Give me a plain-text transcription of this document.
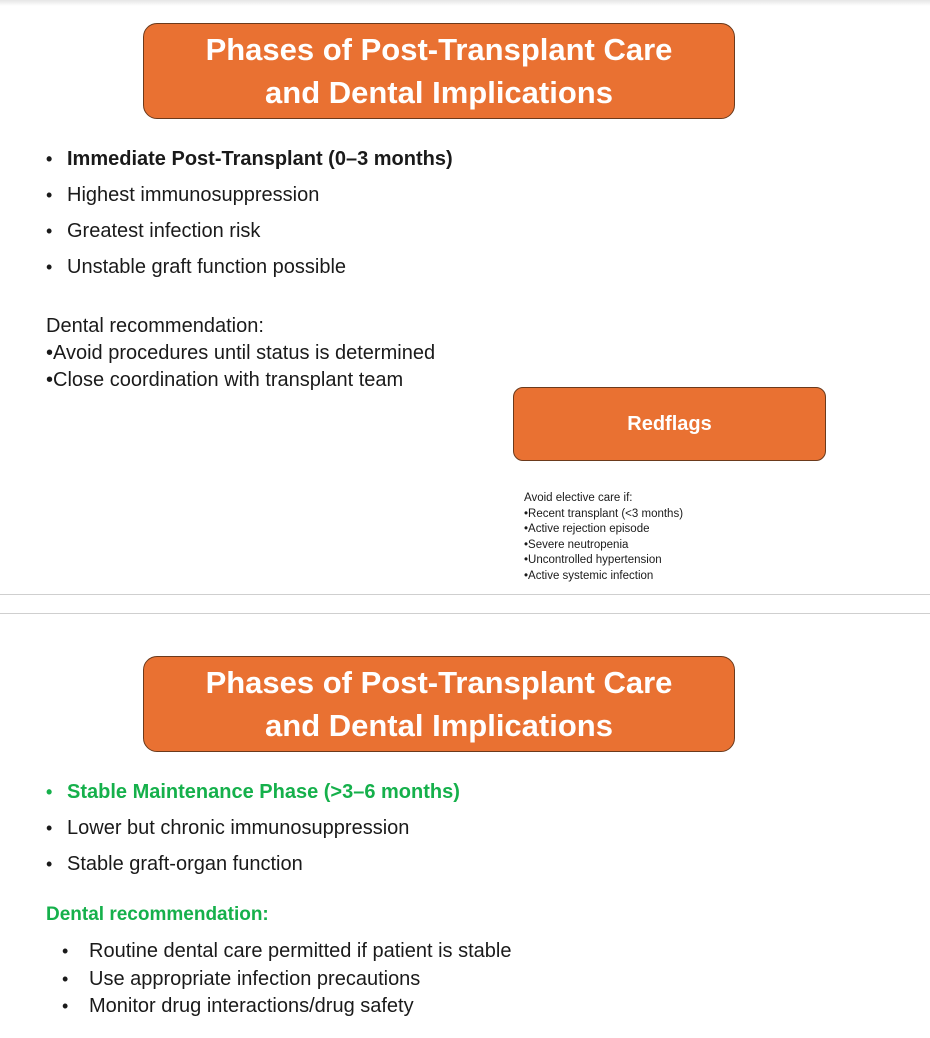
Phases of Post-Transplant Care
and Dental Implications
• Immediate Post-Transplant (0–3 months)
• Highest immunosuppression
• Greatest infection risk
• Unstable graft function possible
Dental recommendation:
•Avoid procedures until status is determined
•Close coordination with transplant team
Redflags
Avoid elective care if:
•Recent transplant (<3 months)
•Active rejection episode
•Severe neutropenia
•Uncontrolled hypertension
•Active systemic infection
Phases of Post-Transplant Care
and Dental Implications
• Stable Maintenance Phase (>3–6 months)
• Lower but chronic immunosuppression
• Stable graft-organ function
Dental recommendation:
• Routine dental care permitted if patient is stable
• Use appropriate infection precautions
• Monitor drug interactions/drug safety
